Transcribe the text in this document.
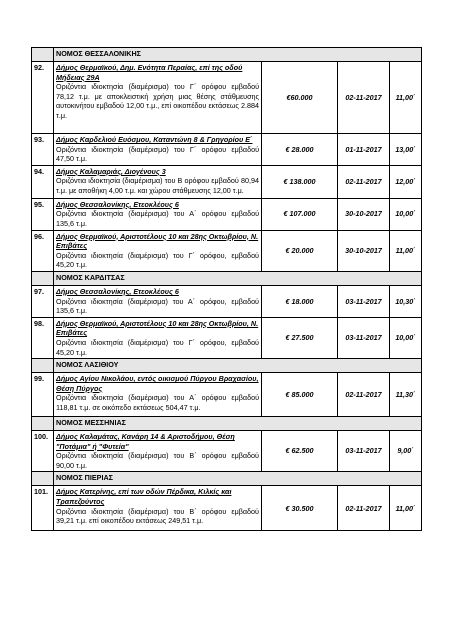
	ΝΟΜΟΣ ΘΕΣΣΑΛΟΝΙΚΗΣ			
92.	Δήμος Θερμαϊκού, Δημ. Ενότητα Περαίας, επί της οδού Μήδειας 29Α
Οριζόντια ιδιοκτησία (διαμέρισμα) του Γ΄ ορόφου εμβαδού 78,12 τ.μ. με αποκλειστική χρήση μιας θέσης στάθμευσης αυτοκινήτου εμβαδού 12,00 τ.μ., επί οικοπέδου εκτάσεως 2.884 τ.μ.	€60.000	02-11-2017	11,00΄
93.	Δήμος Καρδελιού Ευόσμου, Καταντώνη 8 & Γρηγορίου Ε΄
Οριζόντια ιδιοκτησία (διαμέρισμα) του Γ΄ ορόφου εμβαδού 47,50 τ.μ.	€ 28.000	01-11-2017	13,00΄
94.	Δήμος Καλαμαριάς, Διογένους 3
Οριζόντια ιδιοκτησία (διαμέρισμα) του Β ορόφου εμβαδού 80,94 τ.μ. με αποθήκη 4,00 τ.μ. και χώρου στάθμευσης 12,00 τ.μ.	€ 138.000	02-11-2017	12,00΄
95.	Δήμος Θεσσαλονίκης, Ετεοκλέους 6
Οριζόντια ιδιοκτησία (διαμέρισμα) του Α΄ ορόφου εμβαδού 135,6 τ.μ.	€ 107.000	30-10-2017	10,00΄
96.	Δήμος Θερμαϊκού, Αριστοτέλους 10 και 28ης Οκτωβρίου, Ν. Επιβάτες
Οριζόντια ιδιοκτησία (διαμέρισμα) του Γ΄ ορόφου, εμβαδού 45,20 τ.μ.	€ 20.000	30-10-2017	11,00΄
	ΝΟΜΟΣ ΚΑΡΔΙΤΣΑΣ			
97.	Δήμος Θεσσαλονίκης, Ετεοκλέους 6
Οριζόντια ιδιοκτησία (διαμέρισμα) του Α΄ ορόφου, εμβαδού 135,6 τ.μ.	€ 18.000	03-11-2017	10,30΄
98.	Δήμος Θερμαϊκού, Αριστοτέλους 10 και 28ης Οκτωβρίου, Ν. Επιβάτες
Οριζόντια ιδιοκτησία (διαμέρισμα) του Γ΄ ορόφου, εμβαδού 45,20 τ.μ.	€ 27.500	03-11-2017	10,00΄
	ΝΟΜΟΣ ΛΑΣΙΘΙΟΥ			
99.	Δήμος Αγίου Νικολάου, εντός οικισμού Πύργου Βραχασίου, Θέση Πύργος
Οριζόντια ιδιοκτησία (διαμέρισμα) του Α΄ ορόφου εμβαδού 118,81 τ.μ. σε οικόπεδο εκτάσεως 504,47 τ.μ.	€ 85.000	02-11-2017	11,30΄
	ΝΟΜΟΣ ΜΕΣΣΗΝΙΑΣ			
100.	Δήμος Καλαμάτας, Κανάρη 14 & Αριστοδήμου, Θέση "Ποτάμια" ή "Φυτεία"
Οριζόντια ιδιοκτησία (διαμέρισμα) του Β΄ ορόφου εμβαδού 90,00 τ.μ.	€ 62.500	03-11-2017	9,00΄
	ΝΟΜΟΣ ΠΙΕΡΙΑΣ			
101.	Δήμος Κατερίνης, επί των οδών Πέρδικα, Κιλκίς και Τραπεζούντος
Οριζόντια ιδιοκτησία (διαμέρισμα) του Β΄ ορόφου εμβαδού 39,21 τ.μ. επί οικοπέδου εκτάσεως 249,51 τ.μ.	€ 30.500	02-11-2017	11,00΄
